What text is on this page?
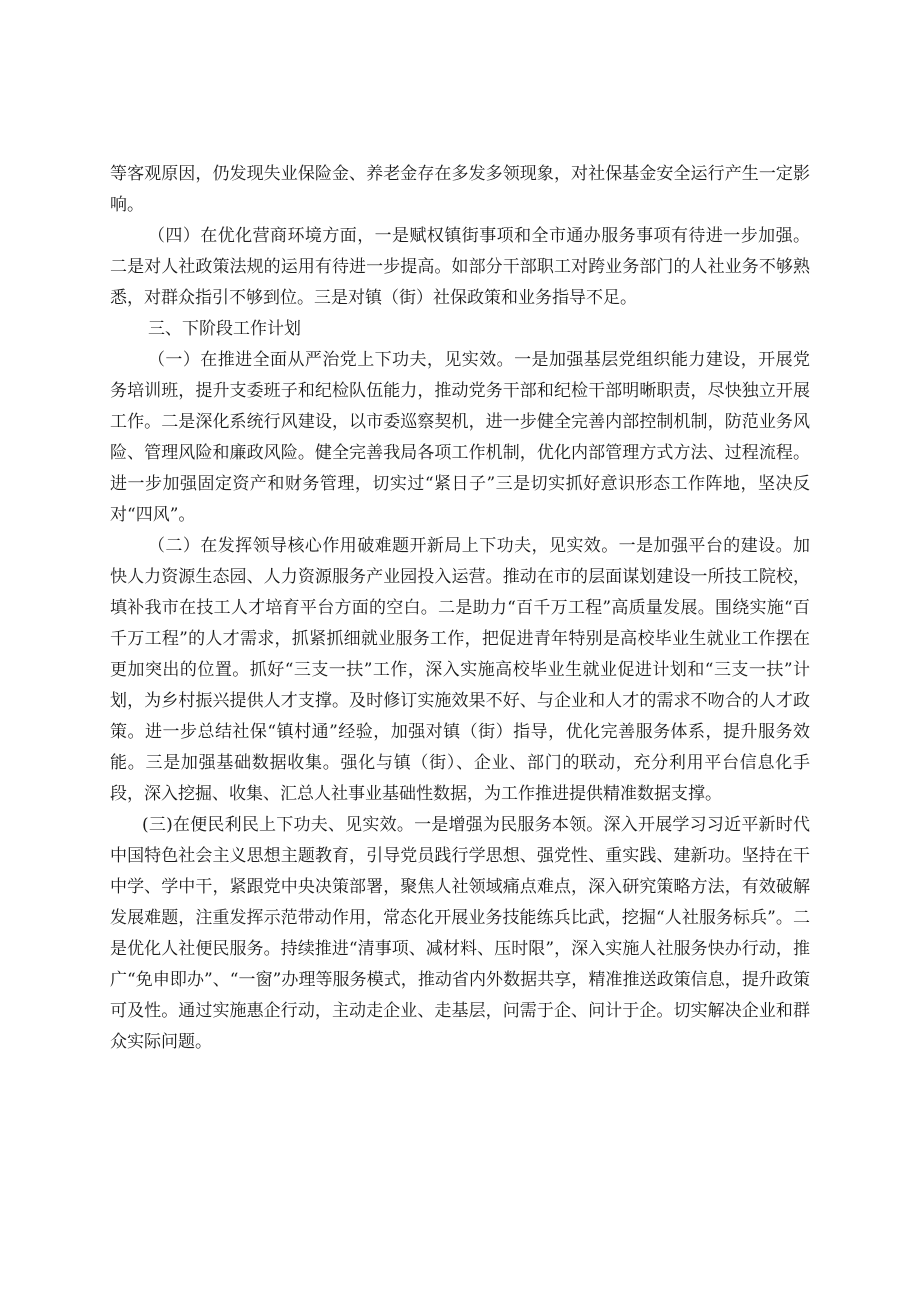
等客观原因，仍发现失业保险金、养老金存在多发多领现象，对社保基金安全运行产生一定影响。

（四）在优化营商环境方面，一是赋权镇街事项和全市通办服务事项有待进一步加强。二是对人社政策法规的运用有待进一步提高。如部分干部职工对跨业务部门的人社业务不够熟悉，对群众指引不够到位。三是对镇（街）社保政策和业务指导不足。

三、下阶段工作计划

（一）在推进全面从严治党上下功夫，见实效。一是加强基层党组织能力建设，开展党务培训班，提升支委班子和纪检队伍能力，推动党务干部和纪检干部明晰职责，尽快独立开展工作。二是深化系统行风建设，以市委巡察契机，进一步健全完善内部控制机制，防范业务风险、管理风险和廉政风险。健全完善我局各项工作机制，优化内部管理方式方法、过程流程。进一步加强固定资产和财务管理，切实过“紧日子”三是切实抓好意识形态工作阵地，坚决反对“四风”。

（二）在发挥领导核心作用破难题开新局上下功夫，见实效。一是加强平台的建设。加快人力资源生态园、人力资源服务产业园投入运营。推动在市的层面谋划建设一所技工院校，填补我市在技工人才培育平台方面的空白。二是助力“百千万工程”高质量发展。围绕实施“百千万工程”的人才需求，抓紧抓细就业服务工作，把促进青年特别是高校毕业生就业工作摆在更加突出的位置。抓好“三支一扶”工作，深入实施高校毕业生就业促进计划和“三支一扶”计划，为乡村振兴提供人才支撑。及时修订实施效果不好、与企业和人才的需求不吻合的人才政策。进一步总结社保“镇村通”经验，加强对镇（街）指导，优化完善服务体系，提升服务效能。三是加强基础数据收集。强化与镇（街）、企业、部门的联动，充分利用平台信息化手段，深入挖掘、收集、汇总人社事业基础性数据，为工作推进提供精准数据支撑。

(三)在便民利民上下功夫、见实效。一是增强为民服务本领。深入开展学习习近平新时代中国特色社会主义思想主题教育，引导党员践行学思想、强党性、重实践、建新功。坚持在干中学、学中干，紧跟党中央决策部署，聚焦人社领域痛点难点，深入研究策略方法，有效破解发展难题，注重发挥示范带动作用，常态化开展业务技能练兵比武，挖掘“人社服务标兵”。二是优化人社便民服务。持续推进“清事项、减材料、压时限”，深入实施人社服务快办行动，推广“免申即办”、“一窗”办理等服务模式，推动省内外数据共享，精准推送政策信息，提升政策可及性。通过实施惠企行动，主动走企业、走基层，问需于企、问计于企。切实解决企业和群众实际问题。
